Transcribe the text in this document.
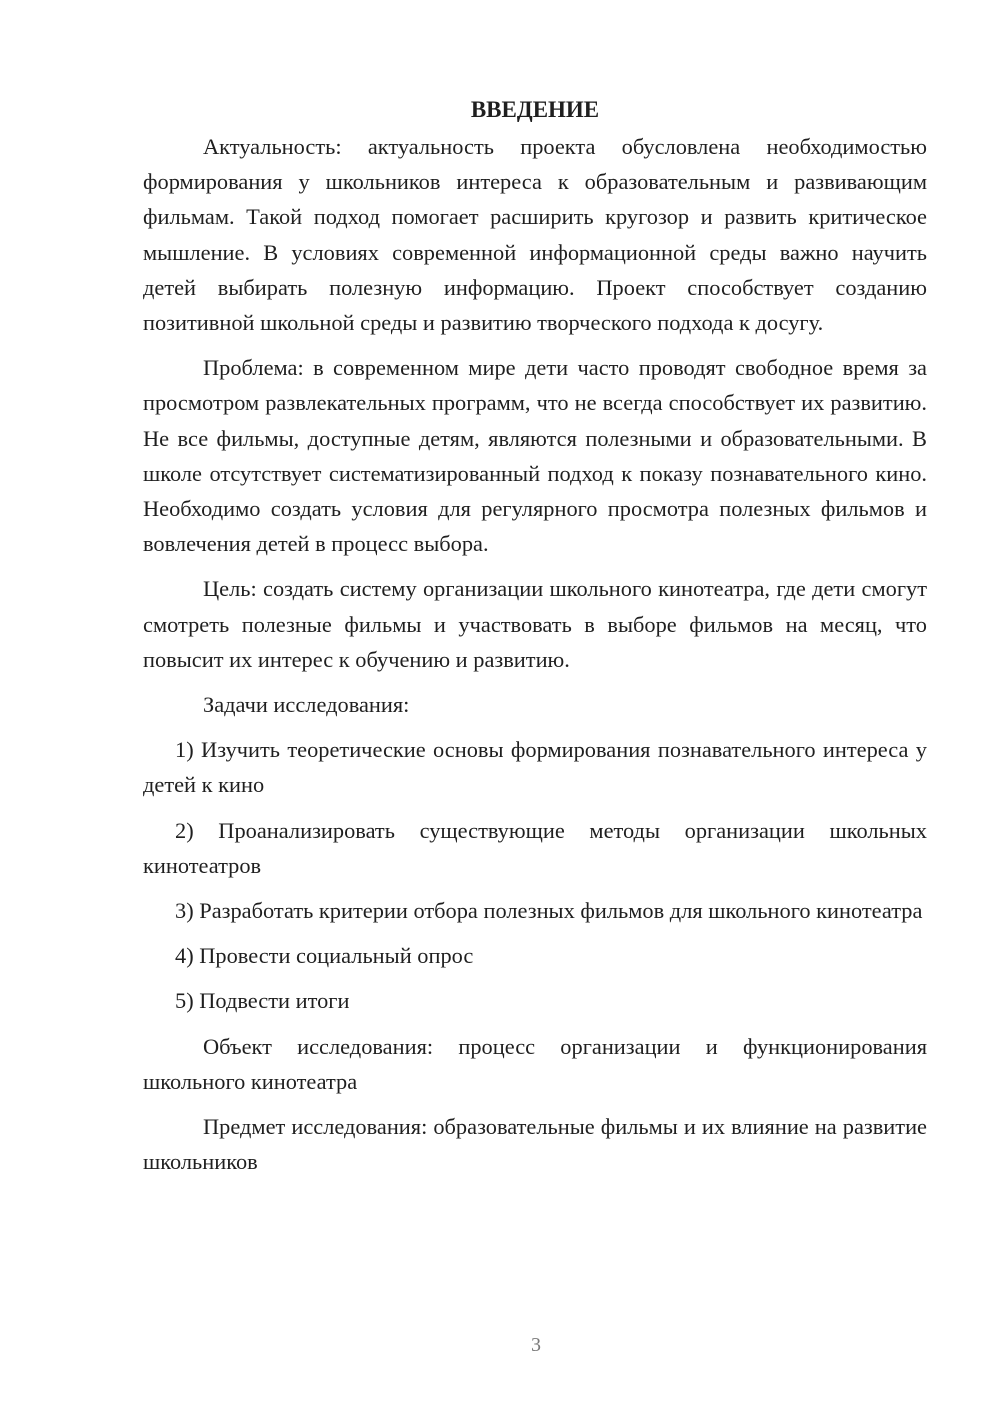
ВВЕДЕНИЕ

Актуальность: актуальность проекта обусловлена необходимостью формирования у школьников интереса к образовательным и развивающим фильмам. Такой подход помогает расширить кругозор и развить критическое мышление. В условиях современной информационной среды важно научить детей выбирать полезную информацию. Проект способствует созданию позитивной школьной среды и развитию творческого подхода к досугу.

Проблема: в современном мире дети часто проводят свободное время за просмотром развлекательных программ, что не всегда способствует их развитию. Не все фильмы, доступные детям, являются полезными и образовательными. В школе отсутствует систематизированный подход к показу познавательного кино. Необходимо создать условия для регулярного просмотра полезных фильмов и вовлечения детей в процесс выбора.

Цель: создать систему организации школьного кинотеатра, где дети смогут смотреть полезные фильмы и участвовать в выборе фильмов на месяц, что повысит их интерес к обучению и развитию.

Задачи исследования:

1) Изучить теоретические основы формирования познавательного интереса у детей к кино

2) Проанализировать существующие методы организации школьных кинотеатров

3) Разработать критерии отбора полезных фильмов для школьного кинотеатра

4) Провести социальный опрос

5) Подвести итоги

Объект исследования: процесс организации и функционирования школьного кинотеатра

Предмет исследования: образовательные фильмы и их влияние на развитие школьников

3
